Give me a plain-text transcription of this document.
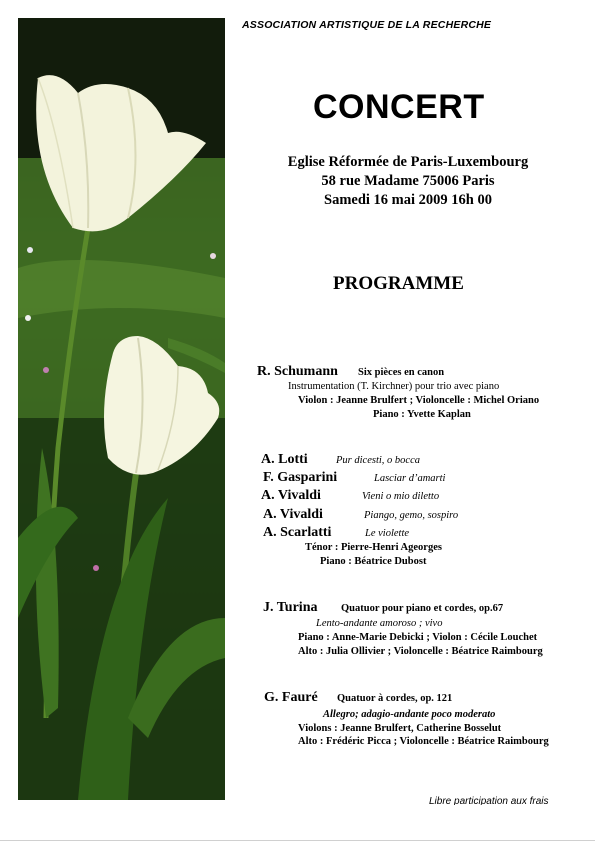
ASSOCIATION ARTISTIQUE DE LA RECHERCHE
CONCERT
Eglise Réformée de Paris-Luxembourg
58 rue Madame 75006 Paris
Samedi 16 mai 2009 16h 00
PROGRAMME
R. Schumann Six pièces en canon
Instrumentation (T. Kirchner) pour trio avec piano
Violon : Jeanne Brulfert ; Violoncelle : Michel Oriano
Piano : Yvette Kaplan
A. Lotti	Pur dicesti, o bocca
F. Gasparini	Lasciar d’amarti
A. Vivaldi	Vieni o mio diletto
A. Vivaldi	Piango, gemo, sospiro
A. Scarlatti	Le violette
Ténor : Pierre-Henri Ageorges
Piano : Béatrice Dubost
J. Turina Quatuor pour piano et cordes, op.67
Lento-andante amoroso ; vivo
Piano : Anne-Marie Debicki ; Violon : Cécile Louchet
Alto : Julia Ollivier ; Violoncelle : Béatrice Raimbourg
G. Fauré Quatuor à cordes, op. 121
Allegro; adagio-andante poco moderato
Violons : Jeanne Brulfert, Catherine Bosselut
Alto : Frédéric Picca ; Violoncelle : Béatrice Raimbourg
Libre participation aux frais
